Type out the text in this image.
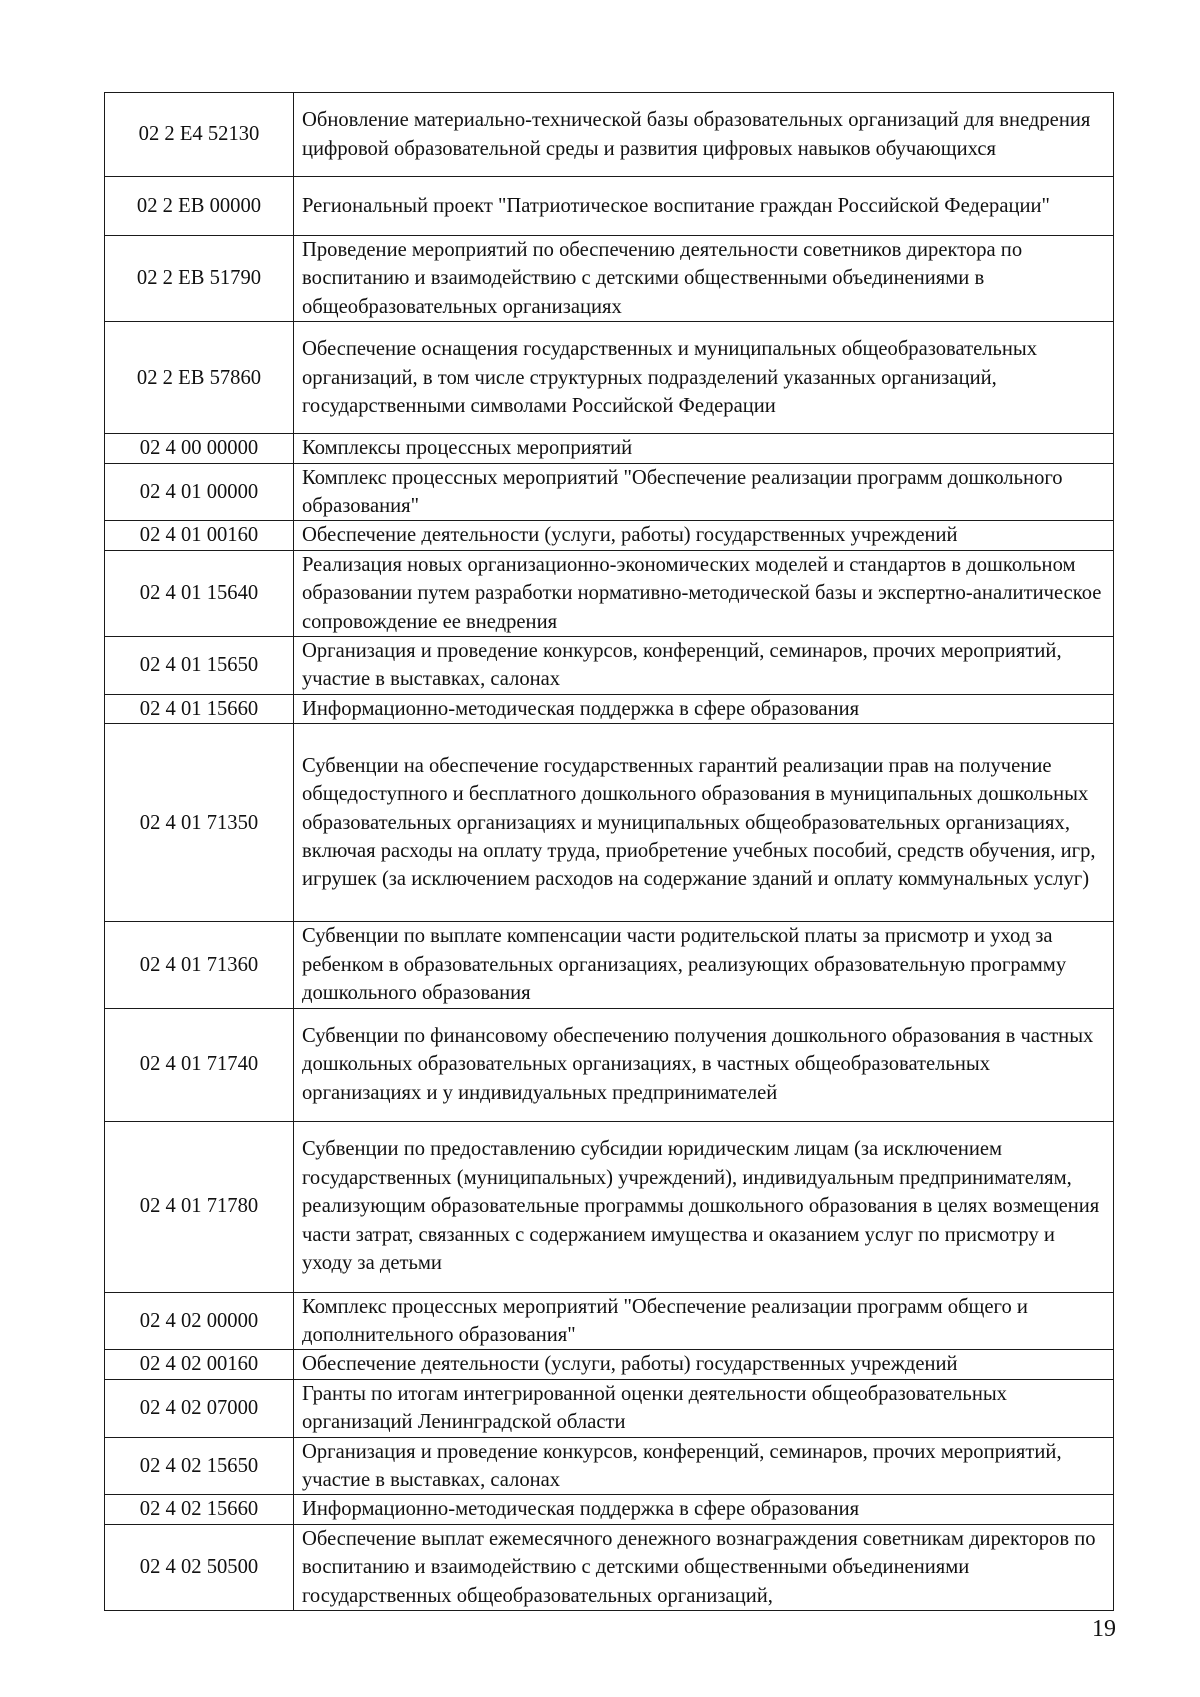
02 2 E4 52130	Обновление материально-технической базы образовательных организаций для внедрения цифровой образовательной среды и развития цифровых навыков обучающихся
02 2 EB 00000	Региональный проект "Патриотическое воспитание граждан Российской Федерации"
02 2 EB 51790	Проведение мероприятий по обеспечению деятельности советников директора по воспитанию и взаимодействию с детскими общественными объединениями в общеобразовательных организациях
02 2 EB 57860	Обеспечение оснащения государственных и муниципальных общеобразовательных организаций, в том числе структурных подразделений указанных организаций, государственными символами Российской Федерации
02 4 00 00000	Комплексы процессных мероприятий
02 4 01 00000	Комплекс процессных мероприятий "Обеспечение реализации программ дошкольного образования"
02 4 01 00160	Обеспечение деятельности (услуги, работы) государственных учреждений
02 4 01 15640	Реализация новых организационно-экономических моделей и стандартов в дошкольном образовании путем разработки нормативно-методической базы и экспертно-аналитическое сопровождение ее внедрения
02 4 01 15650	Организация и проведение конкурсов, конференций, семинаров, прочих мероприятий, участие в выставках, салонах
02 4 01 15660	Информационно-методическая поддержка в сфере образования
02 4 01 71350	Субвенции на обеспечение государственных гарантий реализации прав на получение общедоступного и бесплатного дошкольного образования в муниципальных дошкольных образовательных организациях и муниципальных общеобразовательных организациях, включая расходы на оплату труда, приобретение учебных пособий, средств обучения, игр, игрушек (за исключением расходов на содержание зданий и оплату коммунальных услуг)
02 4 01 71360	Субвенции по выплате компенсации части родительской платы за присмотр и уход за ребенком в образовательных организациях, реализующих образовательную программу дошкольного образования
02 4 01 71740	Субвенции по финансовому обеспечению получения дошкольного образования в частных дошкольных образовательных организациях, в частных общеобразовательных организациях и у индивидуальных предпринимателей
02 4 01 71780	Субвенции по предоставлению субсидии юридическим лицам (за исключением государственных (муниципальных) учреждений), индивидуальным предпринимателям, реализующим образовательные программы дошкольного образования в целях возмещения части затрат, связанных с содержанием имущества и оказанием услуг по присмотру и уходу за детьми
02 4 02 00000	Комплекс процессных мероприятий "Обеспечение реализации программ общего и дополнительного образования"
02 4 02 00160	Обеспечение деятельности (услуги, работы) государственных учреждений
02 4 02 07000	Гранты по итогам интегрированной оценки деятельности общеобразовательных организаций Ленинградской области
02 4 02 15650	Организация и проведение конкурсов, конференций, семинаров, прочих мероприятий, участие в выставках, салонах
02 4 02 15660	Информационно-методическая поддержка в сфере образования
02 4 02 50500	Обеспечение выплат ежемесячного денежного вознаграждения советникам директоров по воспитанию и взаимодействию с детскими общественными объединениями государственных общеобразовательных организаций,
19
